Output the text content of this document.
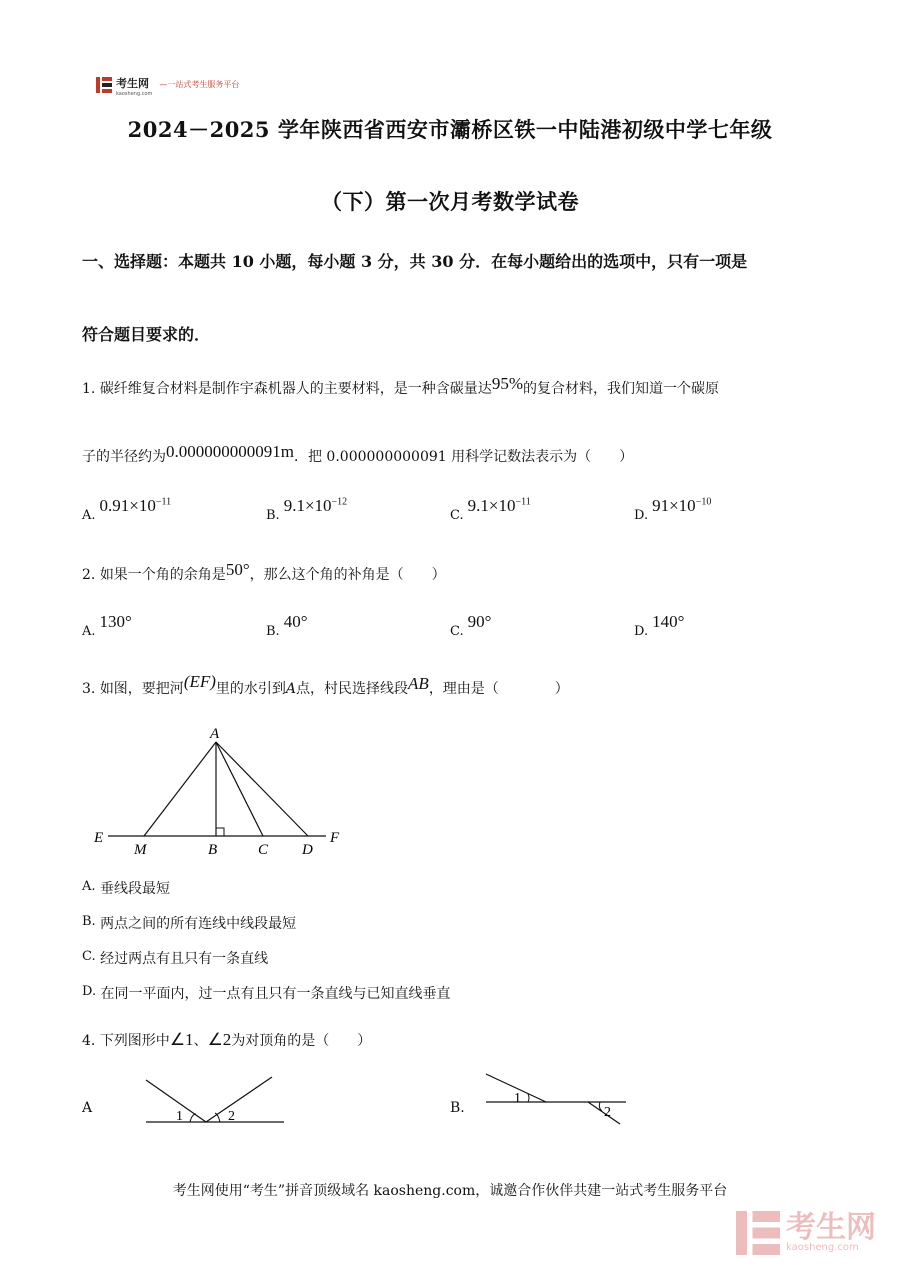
考生网
kaosheng.com
—一站式考生服务平台
2024－2025 学年陕西省西安市灞桥区铁一中陆港初级中学七年级
（下）第一次月考数学试卷
一、选择题：本题共 10 小题，每小题 3 分，共 30 分．在每小题给出的选项中，只有一项是
符合题目要求的．
1. 碳纤维复合材料是制作宇森机器人的主要材料，是一种含碳量达95%的复合材料，我们知道一个碳原
子的半径约为0.000000000091m．把 0.000000000091 用科学记数法表示为（　　）
$A.0.91\times 10^{-11}$
$B.9.1\times 10^{-12}$
$C.9.1\times 10^{-11}$
$D.91\times 10^{-10}$
2. 如果一个角的余角是50°，那么这个角的补角是（　　）
A.130°
B.40°
C.90°
D.140°
3. 如图，要把河(EF)里的水引到A点，村民选择线段AB，理由是（　　　　）
A
E
M	B	C D
F
A. 垂线段最短
B. 两点之间的所有连线中线段最短
C. 经过两点有且只有一条直线
D. 在同一平面内，过一点有且只有一条直线与已知直线垂直
4. 下列图形中∠1、∠2为对顶角的是（　　）
A
1	2
B.
1
2
考生网使用“考生”拼音顶级域名 kaosheng.com，诚邀合作伙伴共建一站式考生服务平台
考生网
kaosheng.com
